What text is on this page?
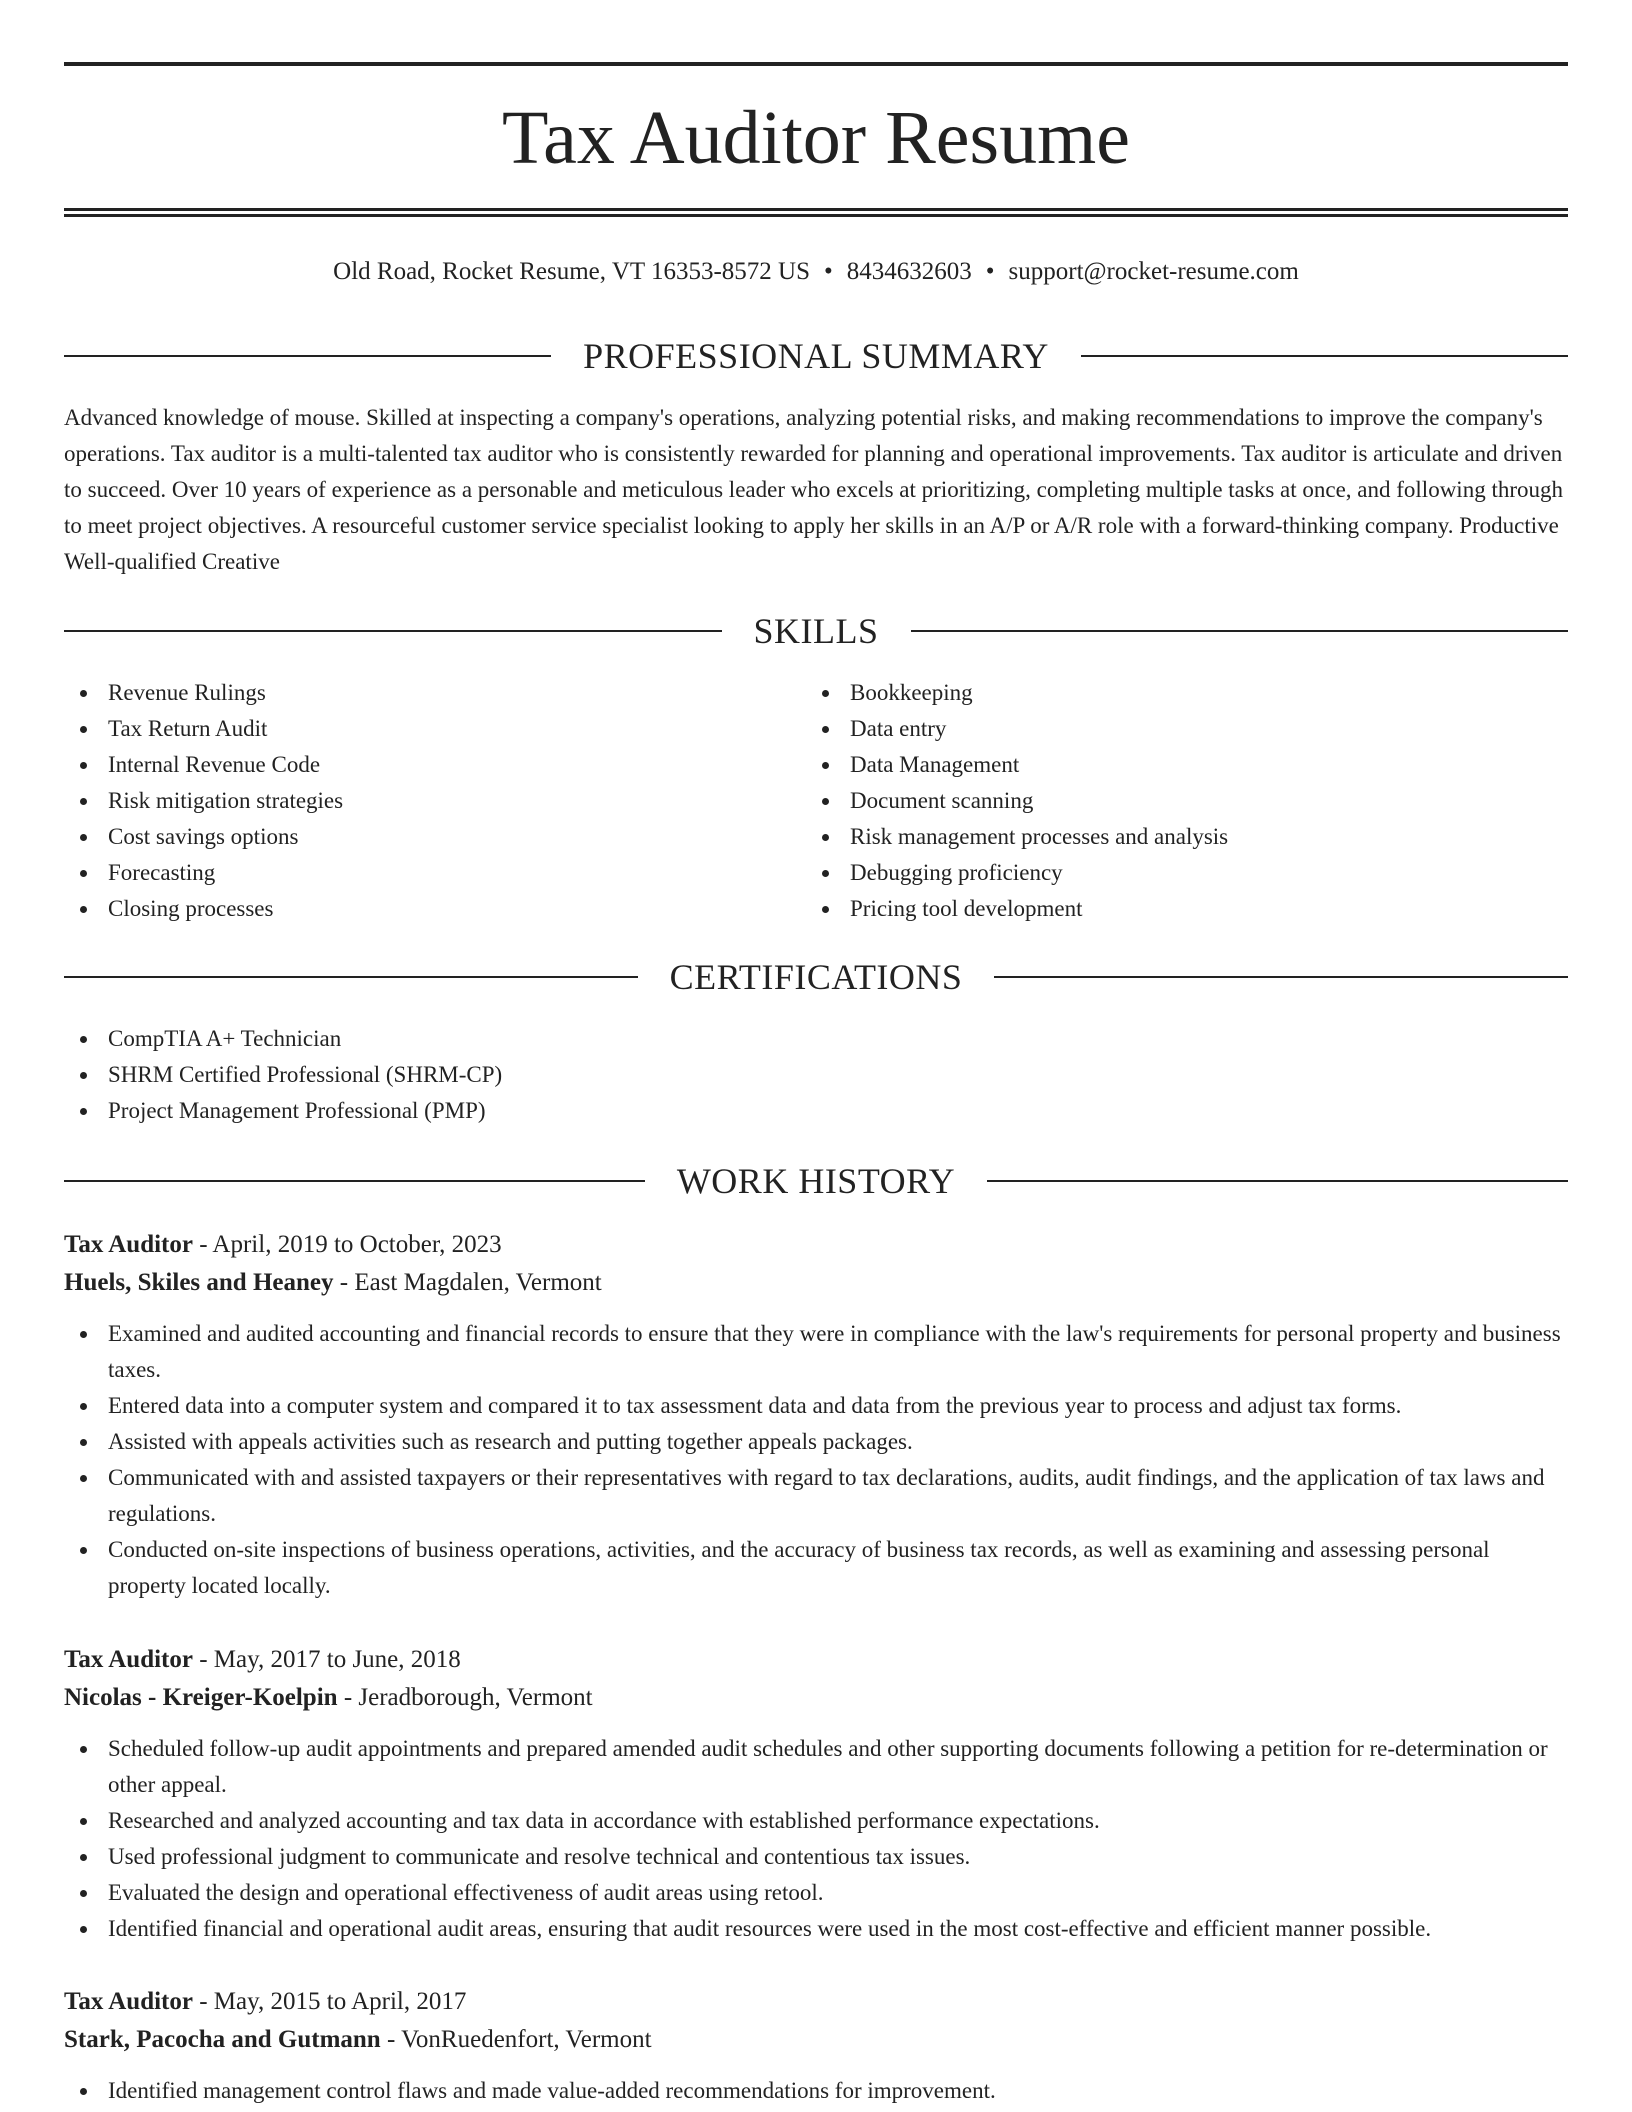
Tax Auditor Resume
Old Road, Rocket Resume, VT 16353-8572 US • 8434632603 • support@rocket-resume.com
PROFESSIONAL SUMMARY

Advanced knowledge of mouse. Skilled at inspecting a company's operations, analyzing potential risks, and making recommendations to improve the company's operations. Tax auditor is a multi-talented tax auditor who is consistently rewarded for planning and operational improvements. Tax auditor is articulate and driven to succeed. Over 10 years of experience as a personable and meticulous leader who excels at prioritizing, completing multiple tasks at once, and following through to meet project objectives. A resourceful customer service specialist looking to apply her skills in an A/P or A/R role with a forward-thinking company. Productive Well-qualified Creative

SKILLS
Revenue Rulings
Tax Return Audit
Internal Revenue Code
Risk mitigation strategies
Cost savings options
Forecasting
Closing processes
Bookkeeping
Data entry
Data Management
Document scanning
Risk management processes and analysis
Debugging proficiency
Pricing tool development
CERTIFICATIONS
CompTIA A+ Technician
SHRM Certified Professional (SHRM-CP)
Project Management Professional (PMP)
WORK HISTORY
Tax Auditor - April, 2019 to October, 2023
Huels, Skiles and Heaney - East Magdalen, Vermont
Examined and audited accounting and financial records to ensure that they were in compliance with the law's requirements for personal property and business taxes.
Entered data into a computer system and compared it to tax assessment data and data from the previous year to process and adjust tax forms.
Assisted with appeals activities such as research and putting together appeals packages.
Communicated with and assisted taxpayers or their representatives with regard to tax declarations, audits, audit findings, and the application of tax laws and regulations.
Conducted on-site inspections of business operations, activities, and the accuracy of business tax records, as well as examining and assessing personal property located locally.
Tax Auditor - May, 2017 to June, 2018
Nicolas - Kreiger-Koelpin - Jeradborough, Vermont
Scheduled follow-up audit appointments and prepared amended audit schedules and other supporting documents following a petition for re-determination or other appeal.
Researched and analyzed accounting and tax data in accordance with established performance expectations.
Used professional judgment to communicate and resolve technical and contentious tax issues.
Evaluated the design and operational effectiveness of audit areas using retool.
Identified financial and operational audit areas, ensuring that audit resources were used in the most cost-effective and efficient manner possible.
Tax Auditor - May, 2015 to April, 2017
Stark, Pacocha and Gutmann - VonRuedenfort, Vermont
Identified management control flaws and made value-added recommendations for improvement.
